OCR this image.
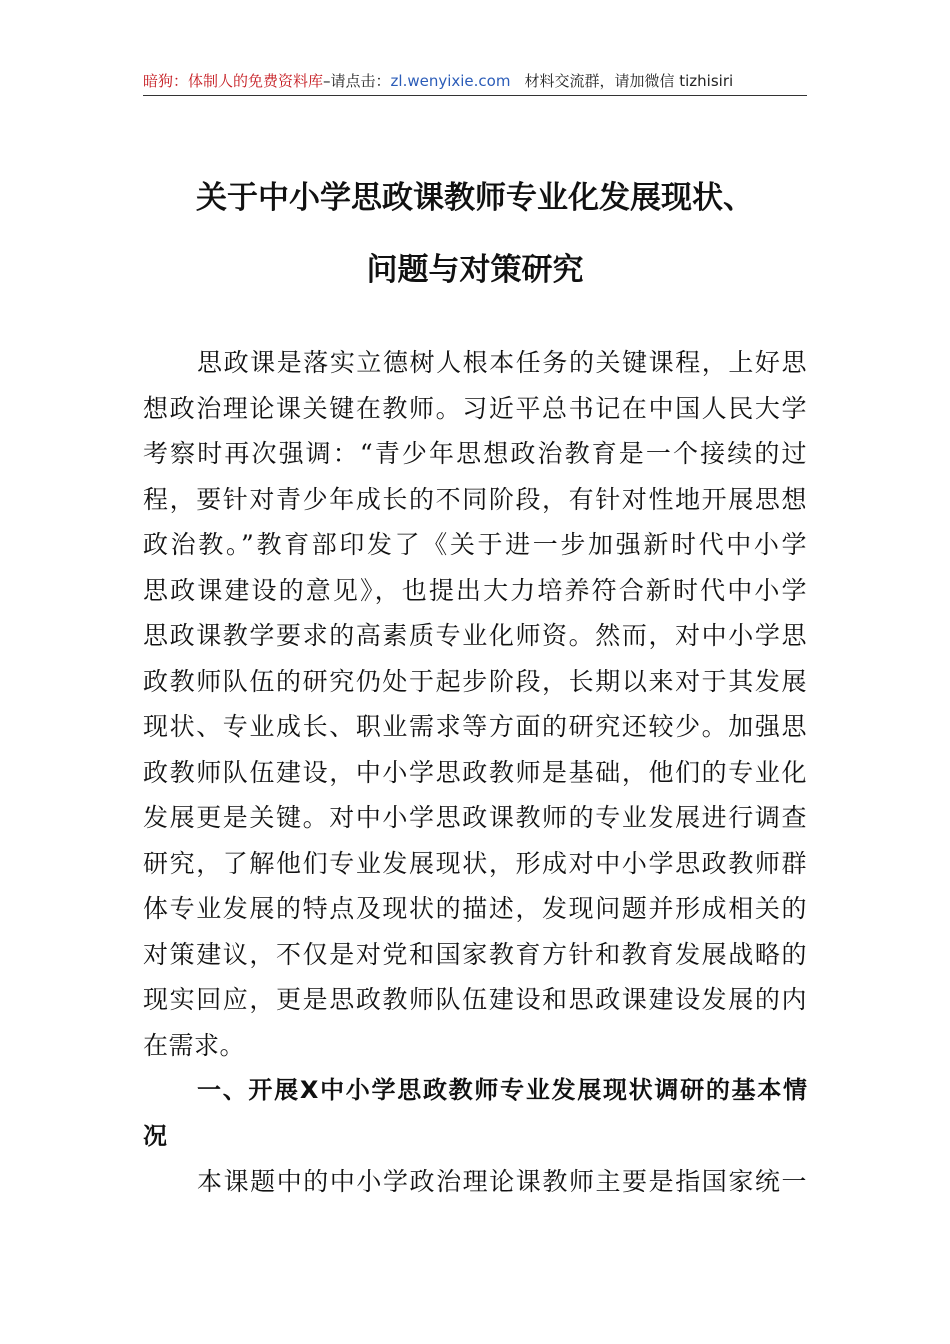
暗狗：体制人的免费资料库–请点击：zl.wenyixie.com 材料交流群，请加微信 tizhisiri
关于中小学思政课教师专业化发展现状、
问题与对策研究
思政课是落实立德树人根本任务的关键课程，上好思
想政治理论课关键在教师。习近平总书记在中国人民大学
考察时再次强调：“青少年思想政治教育是一个接续的过
程，要针对青少年成长的不同阶段，有针对性地开展思想
政治教。”教育部印发了《关于进一步加强新时代中小学
思政课建设的意见》，也提出大力培养符合新时代中小学
思政课教学要求的高素质专业化师资。然而，对中小学思
政教师队伍的研究仍处于起步阶段，长期以来对于其发展
现状、专业成长、职业需求等方面的研究还较少。加强思
政教师队伍建设，中小学思政教师是基础，他们的专业化
发展更是关键。对中小学思政课教师的专业发展进行调查
研究，了解他们专业发展现状，形成对中小学思政教师群
体专业发展的特点及现状的描述，发现问题并形成相关的
对策建议，不仅是对党和国家教育方针和教育发展战略的
现实回应，更是思政教师队伍建设和思政课建设发展的内
在需求。
一、开展X中小学思政教师专业发展现状调研的基本情
况
本课题中的中小学政治理论课教师主要是指国家统一
